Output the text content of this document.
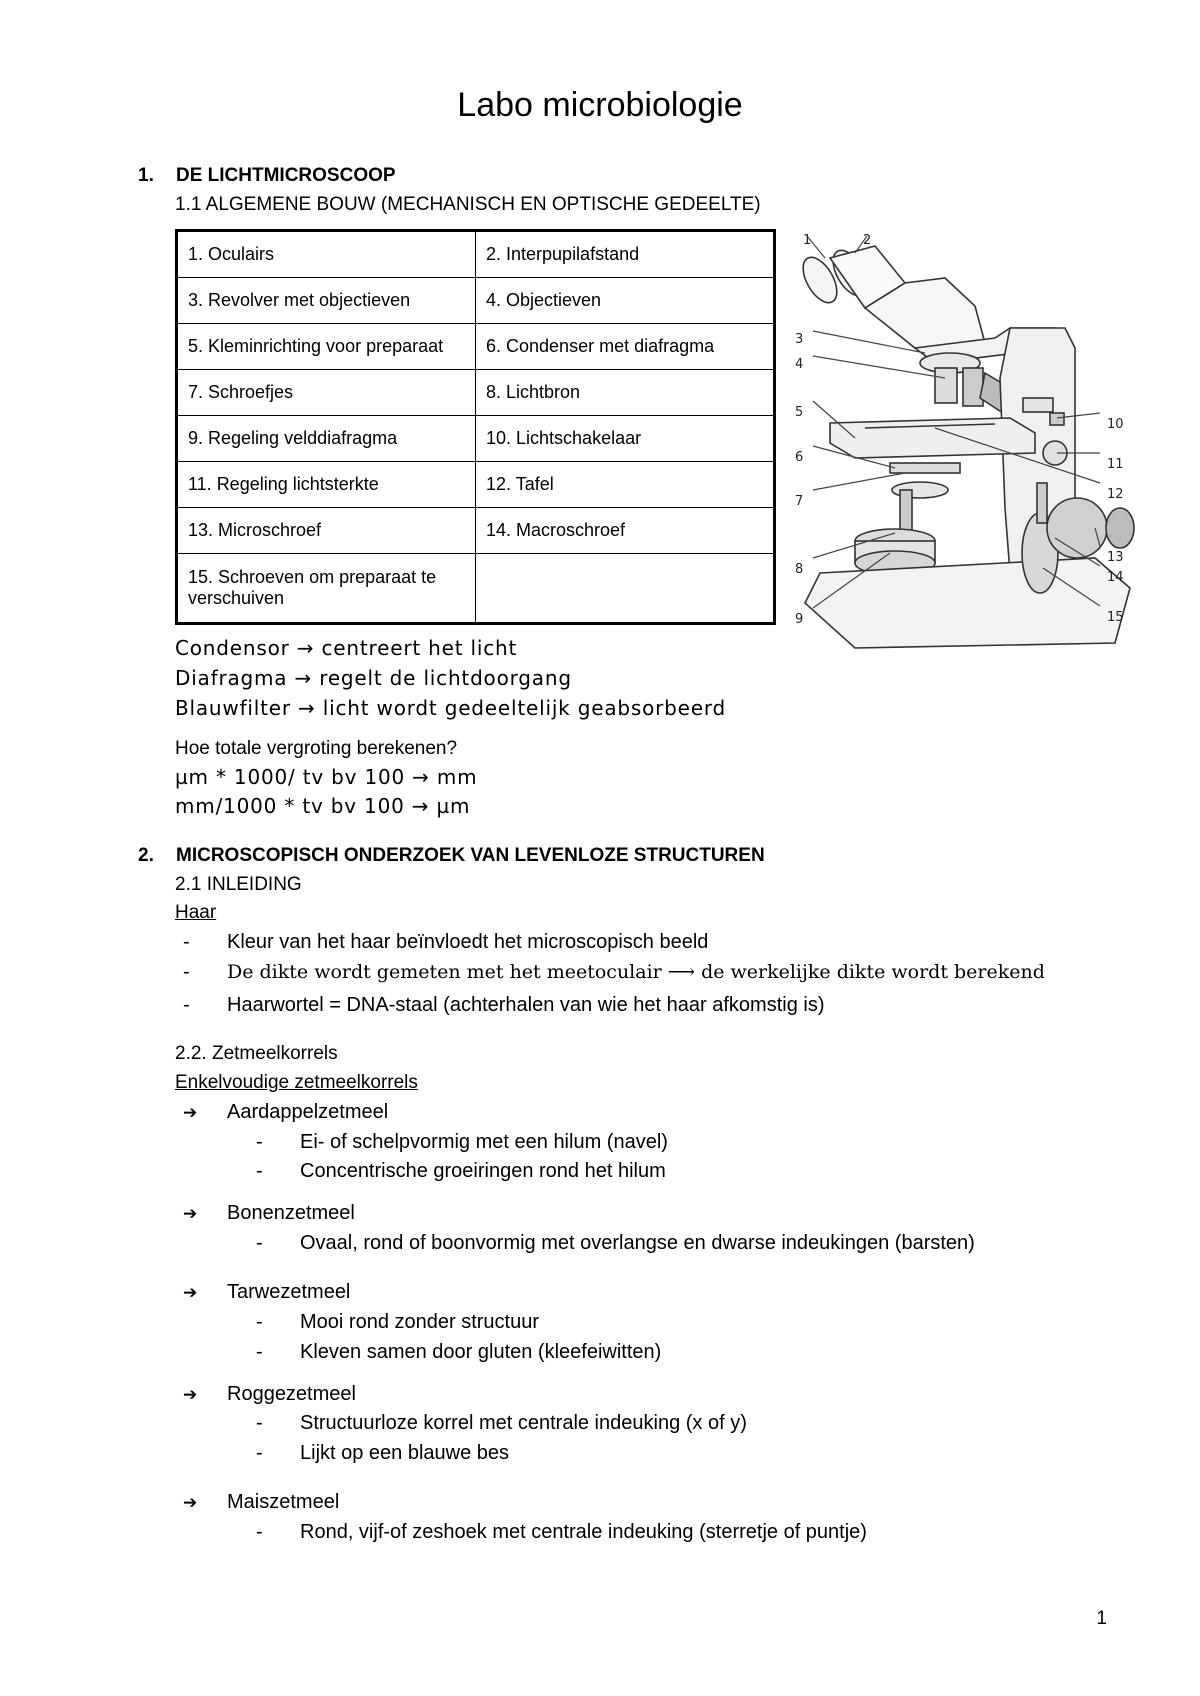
Labo microbiologie
1. DE LICHTMICROSCOOP
1.1 ALGEMENE BOUW (MECHANISCH EN OPTISCHE GEDEELTE)
1. Oculairs	2. Interpupilafstand
3. Revolver met objectieven	4. Objectieven
5. Kleminrichting voor preparaat	6. Condenser met diafragma
7. Schroefjes	8. Lichtbron
9. Regeling velddiafragma	10. Lichtschakelaar
11. Regeling lichtsterkte	12. Tafel
13. Microschroef	14. Macroschroef
15. Schroeven om preparaat te verschuiven	
1	2
3
4
5
6
7
8
9
10
11
12
13
14
15
Condensor → centreert het licht
Diafragma → regelt de lichtdoorgang
Blauwfilter → licht wordt gedeeltelijk geabsorbeerd
Hoe totale vergroting berekenen?
µm * 1000/ tv bv 100 → mm
mm/1000 * tv bv 100 → µm
2. MICROSCOPISCH ONDERZOEK VAN LEVENLOZE STRUCTUREN
2.1 INLEIDING
Haar
- Kleur van het haar beïnvloedt het microscopisch beeld
- De dikte wordt gemeten met het meetoculair ⟶ de werkelijke dikte wordt berekend
- Haarwortel = DNA-staal (achterhalen van wie het haar afkomstig is)
2.2. Zetmeelkorrels
Enkelvoudige zetmeelkorrels
➔ Aardappelzetmeel
- Ei- of schelpvormig met een hilum (navel)
- Concentrische groeiringen rond het hilum
➔ Bonenzetmeel
- Ovaal, rond of boonvormig met overlangse en dwarse indeukingen (barsten)
➔ Tarwezetmeel
- Mooi rond zonder structuur
- Kleven samen door gluten (kleefeiwitten)
➔ Roggezetmeel
- Structuurloze korrel met centrale indeuking (x of y)
- Lijkt op een blauwe bes
➔ Maiszetmeel
- Rond, vijf-of zeshoek met centrale indeuking (sterretje of puntje)
1
